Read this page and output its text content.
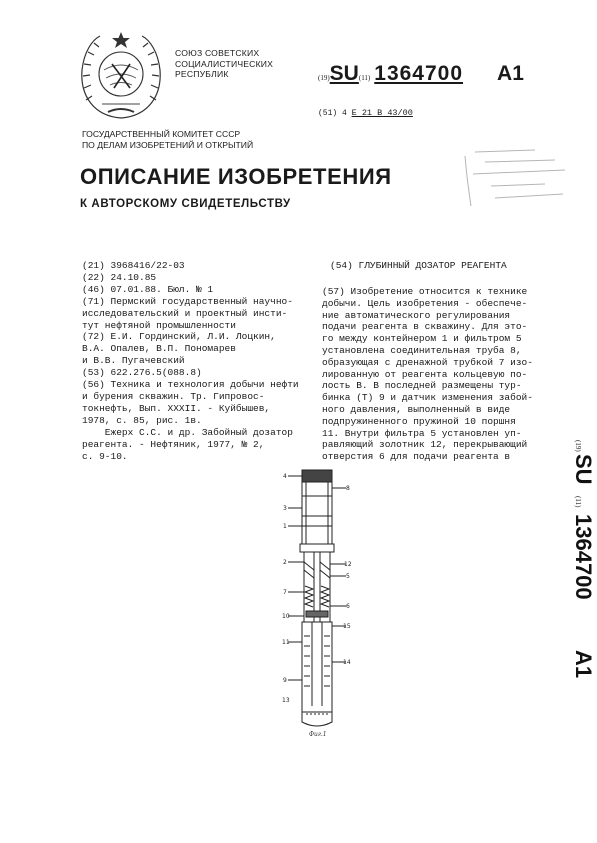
СОЮЗ СОВЕТСКИХ
СОЦИАЛИСТИЧЕСКИХ
РЕСПУБЛИК	(19)SU(11) 1364700 A1
(51) 4 E 21 B 43/00
ГОСУДАРСТВЕННЫЙ КОМИТЕТ СССР
ПО ДЕЛАМ ИЗОБРЕТЕНИЙ И ОТКРЫТИЙ
ОПИСАНИЕ ИЗОБРЕТЕНИЯ
К АВТОРСКОМУ СВИДЕТЕЛЬСТВУ
(21) 3968416/22-03
(22) 24.10.85
(46) 07.01.88. Бюл. № 1
(71) Пермский государственный научно-
исследовательский и проектный инсти-
тут нефтяной промышленности
(72) Е.И. Гординский, Л.И. Лоцкин,
В.А. Опалев, В.П. Пономарев
и В.В. Пугачевский
(53) 622.276.5(088.8)
(56) Техника и технология добычи нефти
и бурения скважин. Тр. Гипровос-
токнефть, Вып. XXXII. - Куйбышев,
1978, с. 85, рис. 1в.
Ежерх С.С. и др. Забойный дозатор
реагента. - Нефтяник, 1977, № 2,
с. 9-10.
(54) ГЛУБИННЫЙ ДОЗАТОР РЕАГЕНТА
(57) Изобретение относится к технике
добычи. Цель изобретения - обеспече-
ние автоматического регулирования
подачи реагента в скважину. Для это-
го между контейнером 1 и фильтром 5
установлена соединительная труба 8,
образующая с дренажной трубкой 7 изо-
лированную от реагента кольцевую по-
лость В. В последней размещены тур-
бинка (Т) 9 и датчик изменения забой-
ного давления, выполненный в виде
подпружиненного пружиной 10 поршня
11. Внутри фильтра 5 установлен уп-
равляющий золотник 12, перекрывающий
отверстия 6 для подачи реагента в
(19)
SU
(11)
1364700
A1
4
3
1
2
7
10
11
9
8
12
5
6
15
14
13
Фиг.1
